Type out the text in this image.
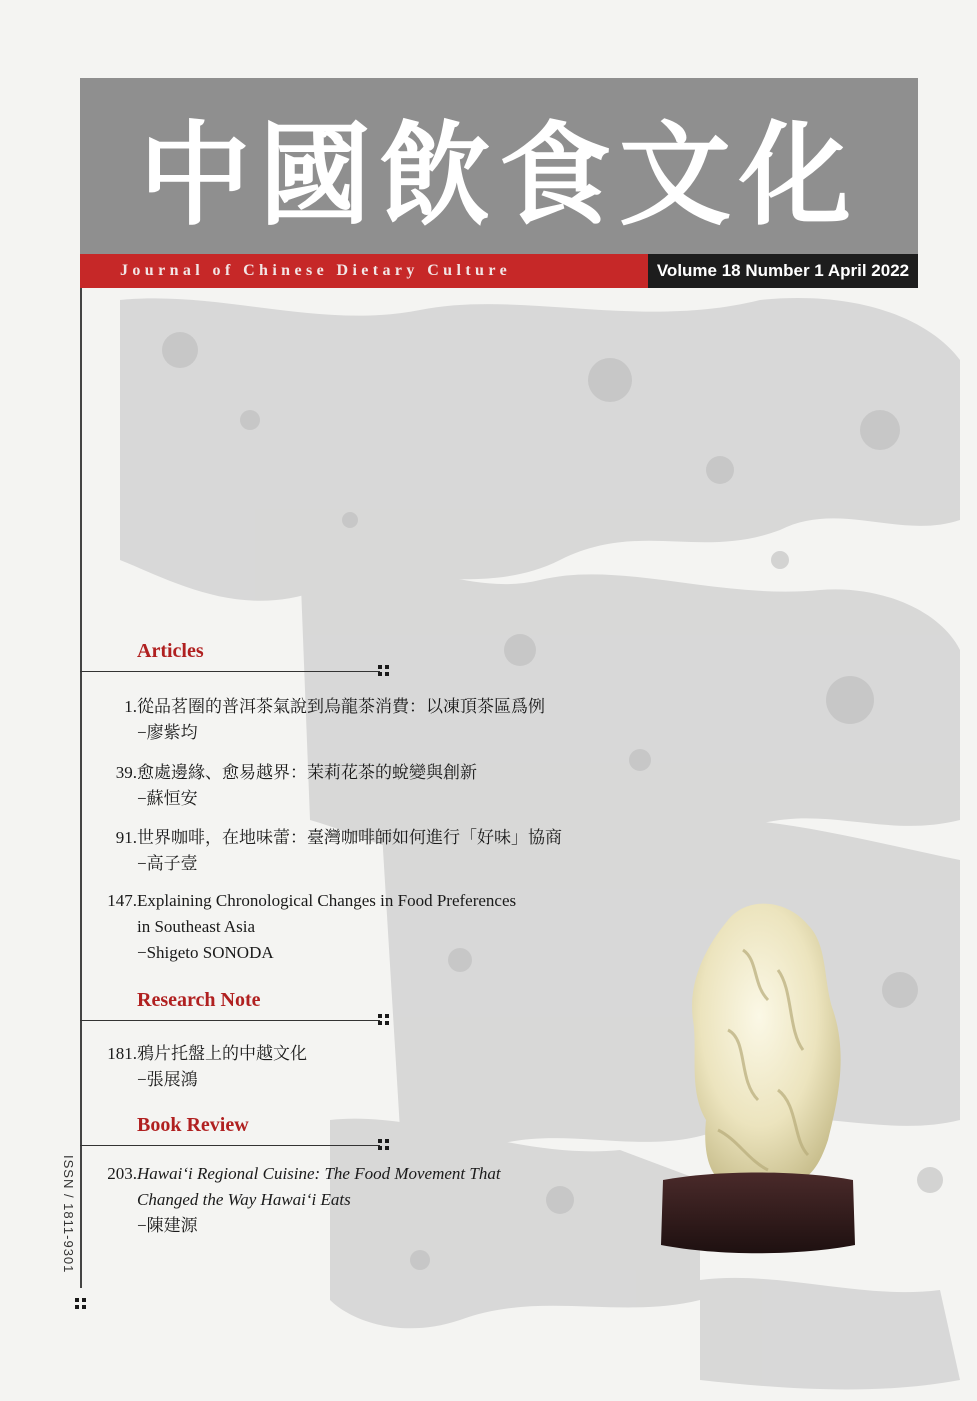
中國飲食文化
Journal of Chinese Dietary Culture	Volume 18 Number 1 April 2022
Articles
1. 從品茗圈的普洱茶氣說到烏龍茶消費：以凍頂茶區爲例
−廖紫均
39. 愈處邊緣、愈易越界：茉莉花茶的蛻變與創新
−蘇恒安
91. 世界咖啡，在地味蕾：臺灣咖啡師如何進行「好味」協商
−高子壹
147. Explaining Chronological Changes in Food Preferences
in Southeast Asia
−Shigeto SONODA
Research Note
181. 鴉片托盤上的中越文化
−張展鴻
Book Review
203. Hawai‘i Regional Cuisine: The Food Movement That
Changed the Way Hawai‘i Eats
−陳建源
ISSN / 1811-9301
